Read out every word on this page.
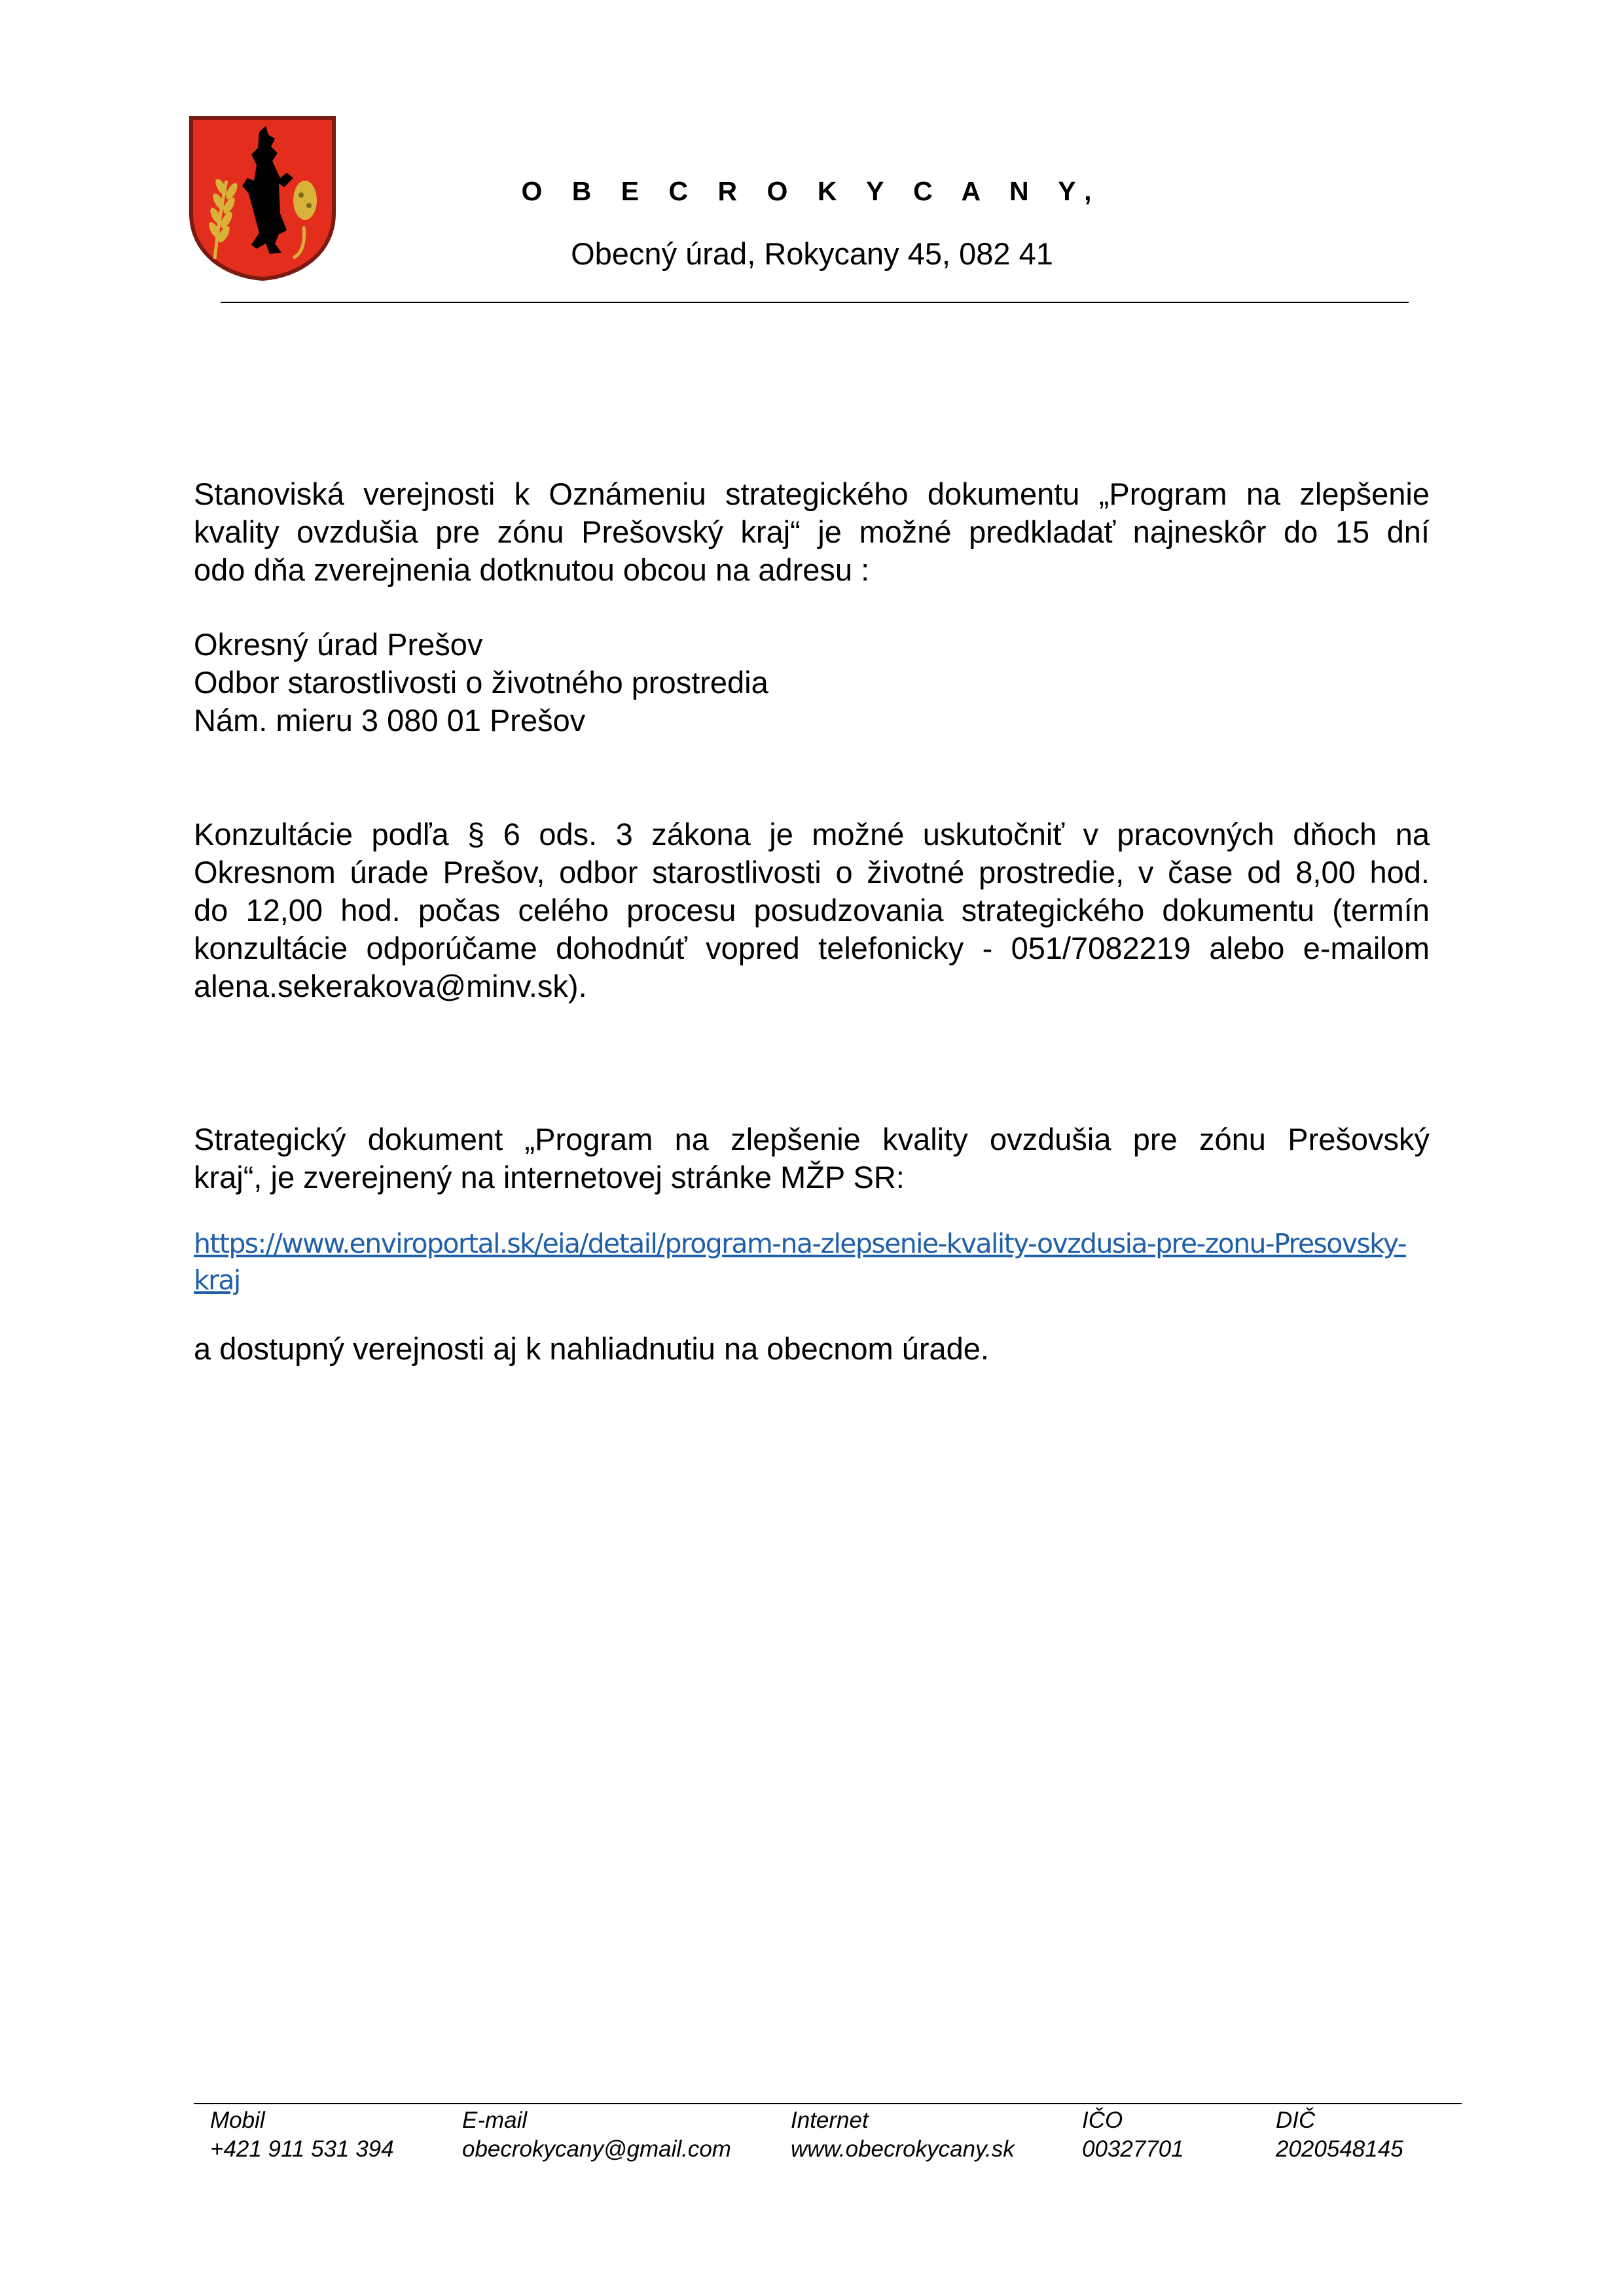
O B E C R O K Y C A N Y,
Obecný úrad, Rokycany 45, 082 41

Stanoviská verejnosti k Oznámeniu strategického dokumentu „Program na zlepšenie
kvality ovzdušia pre zónu Prešovský kraj“ je možné predkladať najneskôr do 15 dní
odo dňa zverejnenia dotknutou obcou na adresu :

Okresný úrad Prešov
Odbor starostlivosti o životného prostredia
Nám. mieru 3 080 01 Prešov

Konzultácie podľa § 6 ods. 3 zákona je možné uskutočniť v pracovných dňoch na
Okresnom úrade Prešov, odbor starostlivosti o životné prostredie, v čase od 8,00 hod.
do 12,00 hod. počas celého procesu posudzovania strategického dokumentu (termín
konzultácie odporúčame dohodnúť vopred telefonicky - 051/7082219 alebo e-mailom
alena.sekerakova@minv.sk).

Strategický dokument „Program na zlepšenie kvality ovzdušia pre zónu Prešovský
kraj“, je zverejnený na internetovej stránke MŽP SR:

https://www.enviroportal.sk/eia/detail/program-na-zlepsenie-kvality-ovzdusia-pre-zonu-Presovsky-
kraj

a dostupný verejnosti aj k nahliadnutiu na obecnom úrade.

Mobil
+421 911 531 394
E-mail
obecrokycany@gmail.com
Internet
www.obecrokycany.sk
IČO
00327701
DIČ
2020548145
